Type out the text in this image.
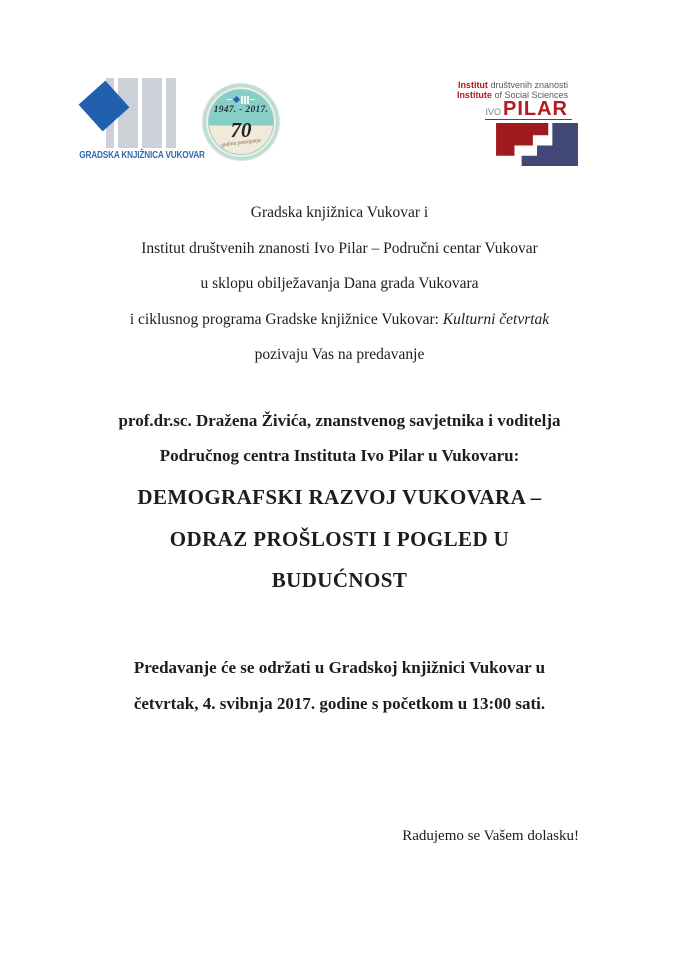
GRADSKA KNJIŽNICA VUKOVAR
1947. - 2017.
70
godina postojanja
Institut društvenih znanosti
Institute of Social Sciences
IVO PILAR

Gradska knjižnica Vukovar i

Institut društvenih znanosti Ivo Pilar – Područni centar Vukovar

u sklopu obilježavanja Dana grada Vukovara

i ciklusnog programa Gradske knjižnice Vukovar: Kulturni četvrtak

pozivaju Vas na predavanje

prof.dr.sc. Dražena Živića, znanstvenog savjetnika i voditelja

Područnog centra Instituta Ivo Pilar u Vukovaru:

DEMOGRAFSKI RAZVOJ VUKOVARA –

ODRAZ PROŠLOSTI I POGLED U

BUDUĆNOST

Predavanje će se održati u Gradskoj knjižnici Vukovar u

četvrtak, 4. svibnja 2017. godine s početkom u 13:00 sati.

Radujemo se Vašem dolasku!
